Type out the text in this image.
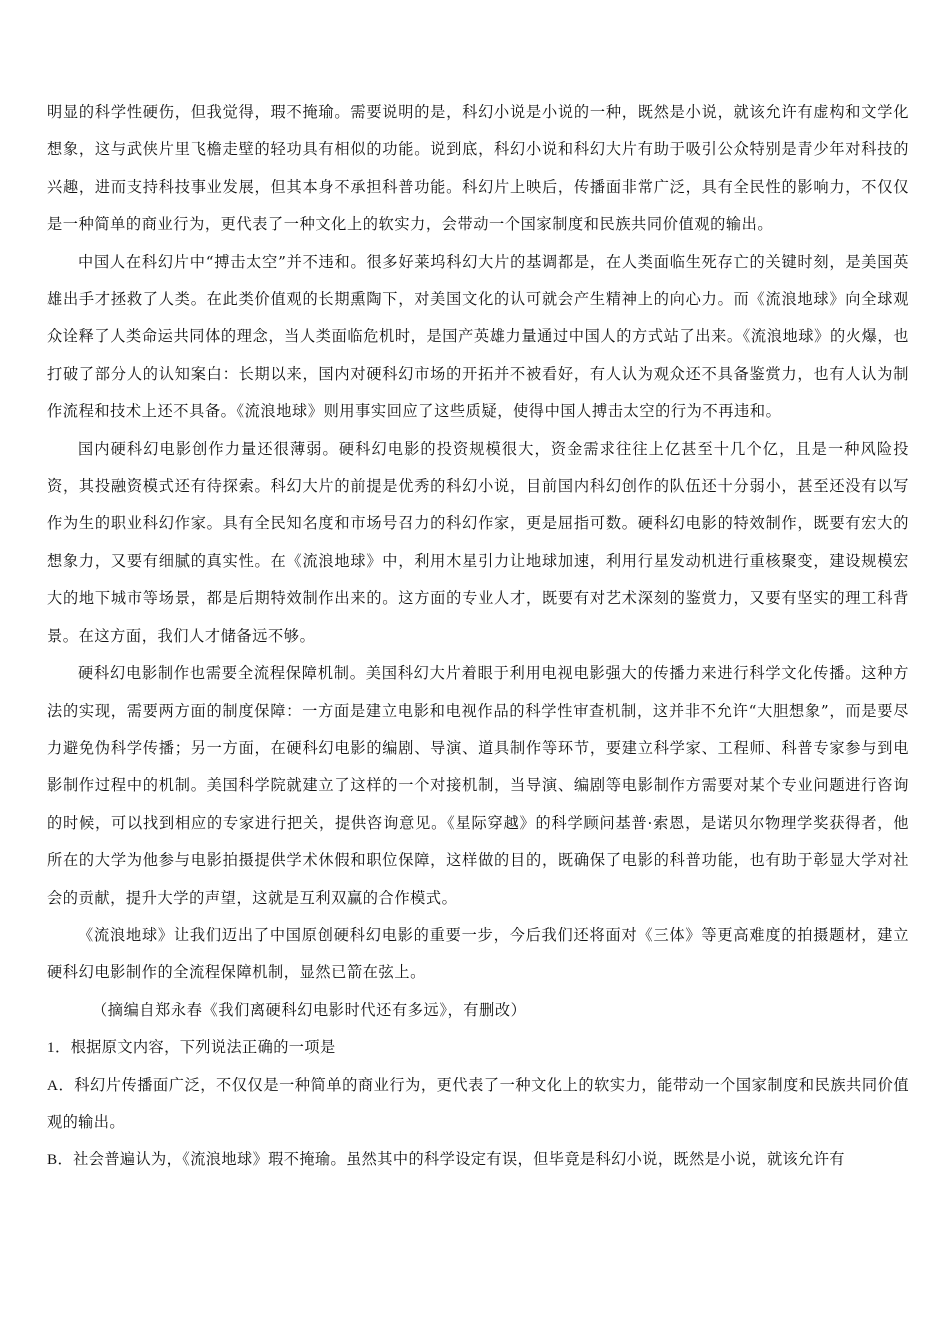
明显的科学性硬伤，但我觉得，瑕不掩瑜。需要说明的是，科幻小说是小说的一种，既然是小说，就该允许有虚构和文学化想象，这与武侠片里飞檐走壁的轻功具有相似的功能。说到底，科幻小说和科幻大片有助于吸引公众特别是青少年对科技的兴趣，进而支持科技事业发展，但其本身不承担科普功能。科幻片上映后，传播面非常广泛，具有全民性的影响力，不仅仅是一种简单的商业行为，更代表了一种文化上的软实力，会带动一个国家制度和民族共同价值观的输出。

中国人在科幻片中“搏击太空”并不违和。很多好莱坞科幻大片的基调都是，在人类面临生死存亡的关键时刻，是美国英雄出手才拯救了人类。在此类价值观的长期熏陶下，对美国文化的认可就会产生精神上的向心力。而《流浪地球》向全球观众诠释了人类命运共同体的理念，当人类面临危机时，是国产英雄力量通过中国人的方式站了出来。《流浪地球》的火爆，也打破了部分人的认知案白：长期以来，国内对硬科幻市场的开拓并不被看好，有人认为观众还不具备鉴赏力，也有人认为制作流程和技术上还不具备。《流浪地球》则用事实回应了这些质疑，使得中国人搏击太空的行为不再违和。

国内硬科幻电影创作力量还很薄弱。硬科幻电影的投资规模很大，资金需求往往上亿甚至十几个亿，且是一种风险投资，其投融资模式还有待探索。科幻大片的前提是优秀的科幻小说，目前国内科幻创作的队伍还十分弱小，甚至还没有以写作为生的职业科幻作家。具有全民知名度和市场号召力的科幻作家，更是屈指可数。硬科幻电影的特效制作，既要有宏大的想象力，又要有细腻的真实性。在《流浪地球》中，利用木星引力让地球加速，利用行星发动机进行重核聚变，建设规模宏大的地下城市等场景，都是后期特效制作出来的。这方面的专业人才，既要有对艺术深刻的鉴赏力，又要有坚实的理工科背景。在这方面，我们人才储备远不够。

硬科幻电影制作也需要全流程保障机制。美国科幻大片着眼于利用电视电影强大的传播力来进行科学文化传播。这种方法的实现，需要两方面的制度保障：一方面是建立电影和电视作品的科学性审查机制，这并非不允许“大胆想象”，而是要尽力避免伪科学传播；另一方面，在硬科幻电影的编剧、导演、道具制作等环节，要建立科学家、工程师、科普专家参与到电影制作过程中的机制。美国科学院就建立了这样的一个对接机制，当导演、编剧等电影制作方需要对某个专业问题进行咨询的时候，可以找到相应的专家进行把关，提供咨询意见。《星际穿越》的科学顾问基普·索恩，是诺贝尔物理学奖获得者，他所在的大学为他参与电影拍摄提供学术休假和职位保障，这样做的目的，既确保了电影的科普功能，也有助于彰显大学对社会的贡献，提升大学的声望，这就是互利双赢的合作模式。

《流浪地球》让我们迈出了中国原创硬科幻电影的重要一步，今后我们还将面对《三体》等更高难度的拍摄题材，建立硬科幻电影制作的全流程保障机制，显然已箭在弦上。

（摘编自郑永春《我们离硬科幻电影时代还有多远》，有删改）

1．根据原文内容，下列说法正确的一项是

A．科幻片传播面广泛，不仅仅是一种简单的商业行为，更代表了一种文化上的软实力，能带动一个国家制度和民族共同价值观的输出。

B．社会普遍认为，《流浪地球》瑕不掩瑜。虽然其中的科学设定有误，但毕竟是科幻小说，既然是小说，就该允许有
